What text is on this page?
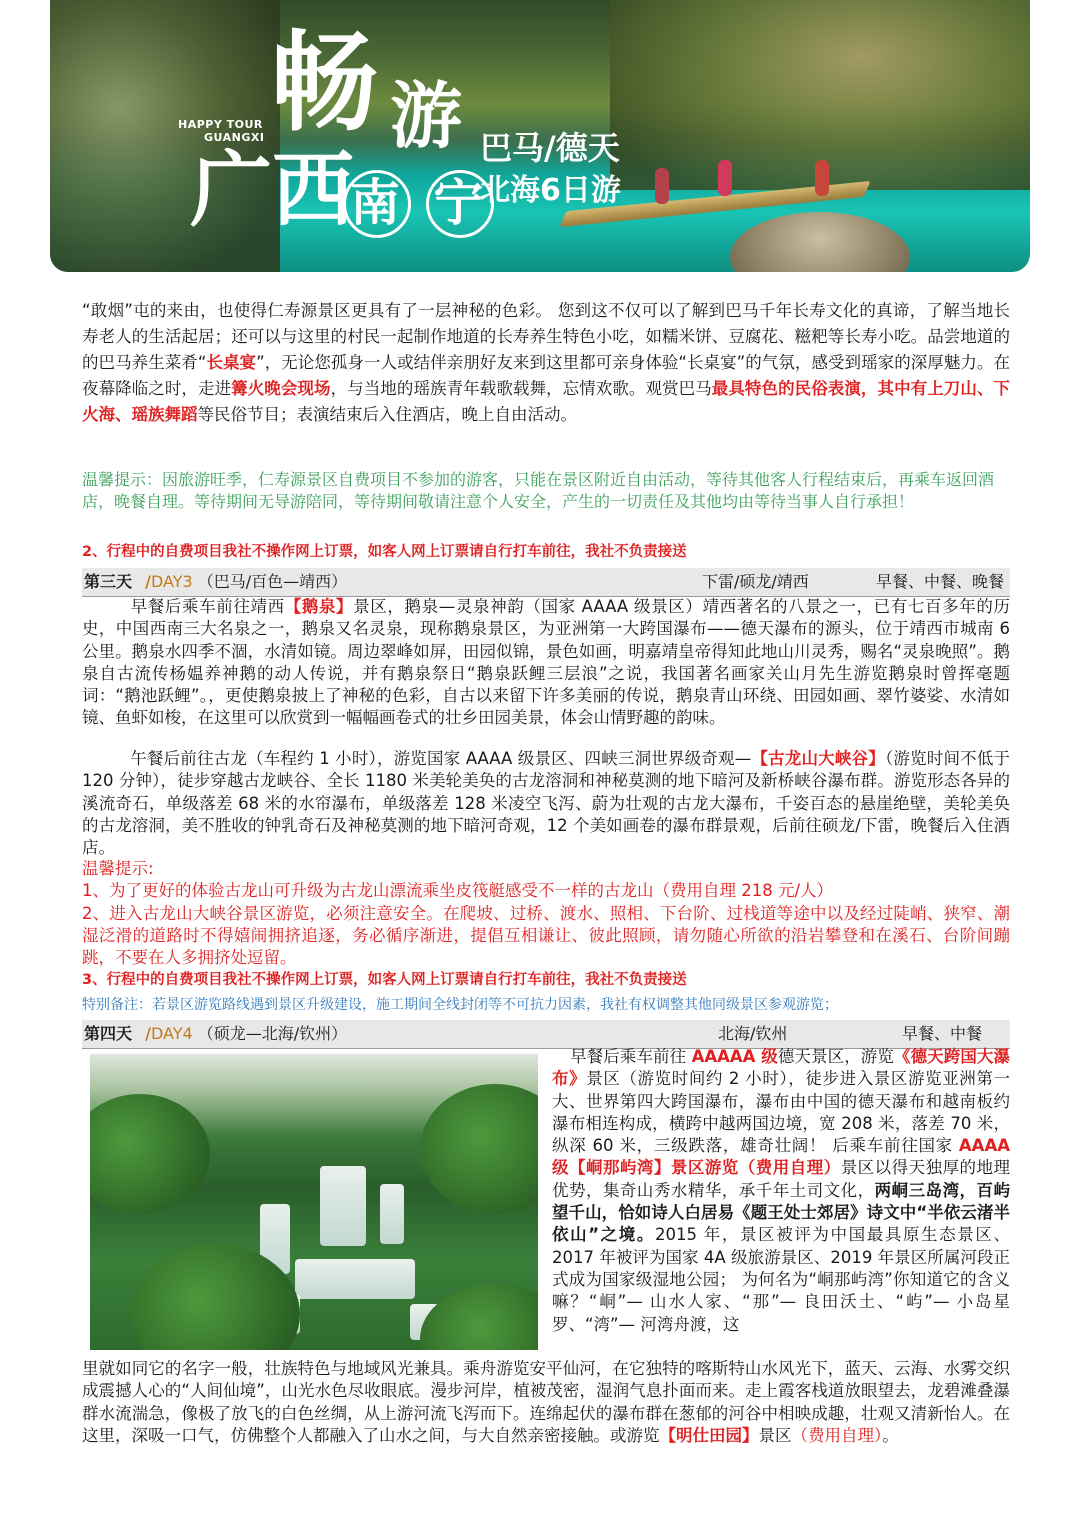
HAPPY TOUR
GUANGXI 畅 游
广西
南 宁
巴马/德天
北海6日游

“敢烟”屯的来由，也使得仁寿源景区更具有了一层神秘的色彩。 您到这不仅可以了解到巴马千年长寿文化的真谛，了解当地长寿老人的生活起居；还可以与这里的村民一起制作地道的长寿养生特色小吃，如糯米饼、豆腐花、糍粑等长寿小吃。品尝地道的的巴马养生菜肴“长桌宴”，无论您孤身一人或结伴亲朋好友来到这里都可亲身体验“长桌宴”的气氛，感受到瑶家的深厚魅力。在夜幕降临之时，走进篝火晚会现场，与当地的瑶族青年载歌载舞，忘情欢歌。观赏巴马最具特色的民俗表演，其中有上刀山、下火海、瑶族舞蹈等民俗节目；表演结束后入住酒店，晚上自由活动。

温馨提示：因旅游旺季，仁寿源景区自费项目不参加的游客，只能在景区附近自由活动，等待其他客人行程结束后，再乘车返回酒店，晚餐自理。等待期间无导游陪同，等待期间敬请注意个人安全，产生的一切责任及其他均由等待当事人自行承担！

2、行程中的自费项目我社不操作网上订票，如客人网上订票请自行打车前往，我社不负责接送

第三天 /DAY3 （巴马/百色—靖西）	下雷/硕龙/靖西	早餐、中餐、晚餐

早餐后乘车前往靖西【鹅泉】景区，鹅泉—灵泉神韵（国家 AAAA 级景区）靖西著名的八景之一，已有七百多年的历史，中国西南三大名泉之一，鹅泉又名灵泉，现称鹅泉景区，为亚洲第一大跨国瀑布——德天瀑布的源头，位于靖西市城南 6 公里。鹅泉水四季不涸，水清如镜。周边翠峰如屏，田园似锦，景色如画，明嘉靖皇帝得知此地山川灵秀，赐名“灵泉晚照”。鹅泉自古流传杨媪养神鹅的动人传说，并有鹅泉祭日“鹅泉跃鲤三层浪”之说，我国著名画家关山月先生游览鹅泉时曾挥毫题词：“鹅池跃鲤”。，更使鹅泉披上了神秘的色彩，自古以来留下许多美丽的传说，鹅泉青山环绕、田园如画、翠竹婆娑、水清如镜、鱼虾如梭，在这里可以欣赏到一幅幅画卷式的壮乡田园美景，体会山情野趣的韵味。

午餐后前往古龙（车程约 1 小时），游览国家 AAAA 级景区、四峡三洞世界级奇观—【古龙山大峡谷】（游览时间不低于 120 分钟），徒步穿越古龙峡谷、全长 1180 米美轮美奂的古龙溶洞和神秘莫测的地下暗河及新桥峡谷瀑布群。游览形态各异的溪流奇石，单级落差 68 米的水帘瀑布，单级落差 128 米凌空飞泻、蔚为壮观的古龙大瀑布，千姿百态的悬崖绝壁，美轮美奂的古龙溶洞，美不胜收的钟乳奇石及神秘莫测的地下暗河奇观，12 个美如画卷的瀑布群景观，后前往硕龙/下雷，晚餐后入住酒店。

温馨提示:
1、为了更好的体验古龙山可升级为古龙山漂流乘坐皮筏艇感受不一样的古龙山（费用自理 218 元/人）
2、进入古龙山大峡谷景区游览，必须注意安全。在爬坡、过桥、渡水、照相、下台阶、过栈道等途中以及经过陡峭、狭窄、潮湿泛滑的道路时不得嬉闹拥挤追逐，务必循序渐进，提倡互相谦让、彼此照顾，请勿随心所欲的沿岩攀登和在溪石、台阶间蹦跳，不要在人多拥挤处逗留。

3、行程中的自费项目我社不操作网上订票，如客人网上订票请自行打车前往，我社不负责接送

特别备注：若景区游览路线遇到景区升级建设，施工期间全线封闭等不可抗力因素，我社有权调整其他同级景区参观游览；

第四天 /DAY4 （硕龙—北海/钦州）	北海/钦州	早餐、中餐

早餐后乘车前往 AAAAA 级德天景区，游览《德天跨国大瀑布》景区（游览时间约 2 小时），徒步进入景区游览亚洲第一大、世界第四大跨国瀑布，瀑布由中国的德天瀑布和越南板约瀑布相连构成，横跨中越两国边境，宽 208 米，落差 70 米，纵深 60 米，三级跌落，雄奇壮阔！ 后乘车前往国家 AAAA 级【峒那屿湾】景区游览（费用自理）景区以得天独厚的地理优势，集奇山秀水精华，承千年土司文化，两峒三岛湾，百屿望千山，恰如诗人白居易《题王处士郊居》诗文中“半依云渚半依山”之境。2015 年，景区被评为中国最具原生态景区、2017 年被评为国家 4A 级旅游景区、2019 年景区所属河段正式成为国家级湿地公园； 为何名为“峒那屿湾”你知道它的含义嘛？“峒”— 山水人家、“那”— 良田沃土、“屿”— 小岛星罗、“湾”— 河湾舟渡，这

里就如同它的名字一般，壮族特色与地域风光兼具。乘舟游览安平仙河，在它独特的喀斯特山水风光下，蓝天、云海、水雾交织成震撼人心的“人间仙境”，山光水色尽收眼底。漫步河岸，植被茂密，湿润气息扑面而来。走上霞客栈道放眼望去，龙碧滩叠瀑群水流湍急，像极了放飞的白色丝绸，从上游河流飞泻而下。连绵起伏的瀑布群在葱郁的河谷中相映成趣，壮观又清新怡人。在这里，深吸一口气，仿佛整个人都融入了山水之间，与大自然亲密接触。或游览【明仕田园】景区（费用自理）。
